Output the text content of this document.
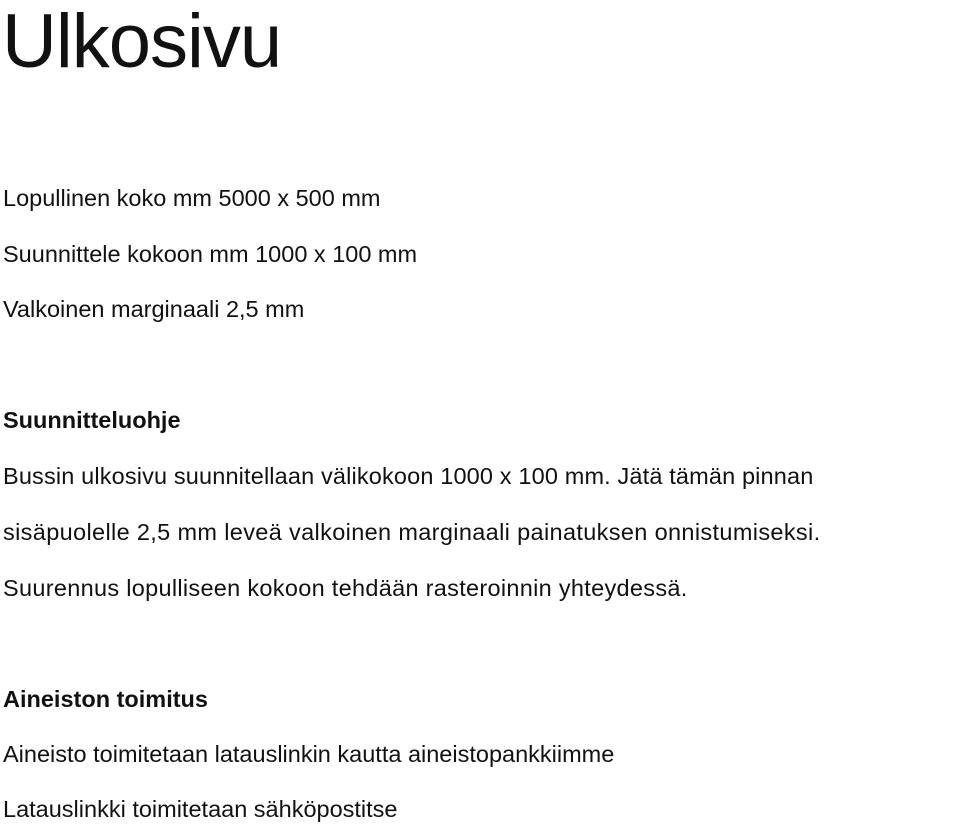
Ulkosivu

Lopullinen koko mm 5000 x 500 mm

Suunnittele kokoon mm 1000 x 100 mm

Valkoinen marginaali 2,5 mm

Suunnitteluohje

Bussin ulkosivu suunnitellaan välikokoon 1000 x 100 mm. Jätä tämän pinnan

sisäpuolelle 2,5 mm leveä valkoinen marginaali painatuksen onnistumiseksi.

Suurennus lopulliseen kokoon tehdään rasteroinnin yhteydessä.

Aineiston toimitus

Aineisto toimitetaan latauslinkin kautta aineistopankkiimme

Latauslinkki toimitetaan sähköpostitse
